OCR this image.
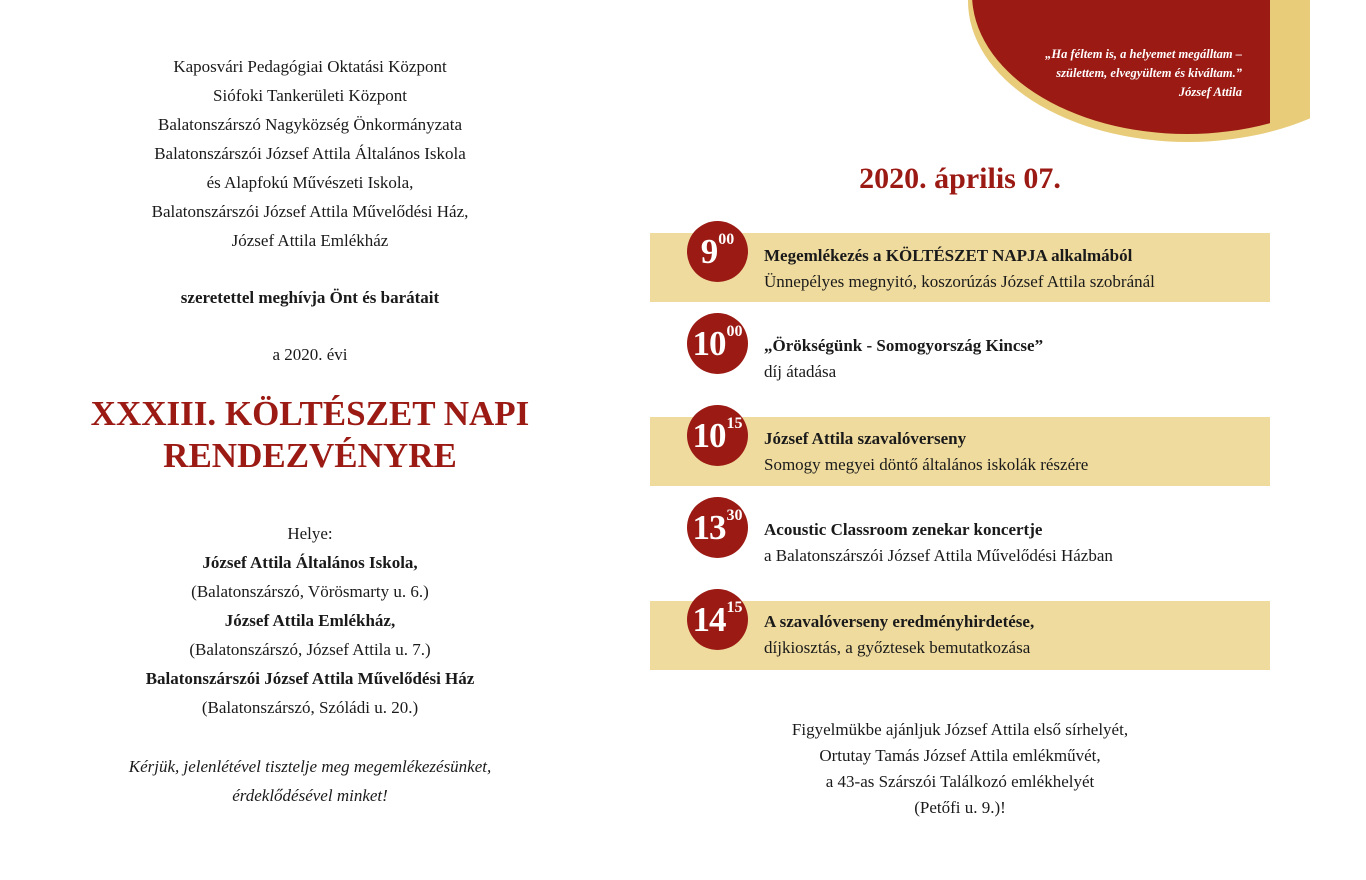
Kaposvári Pedagógiai Oktatási Központ
Siófoki Tankerületi Központ
Balatonszárszó Nagyközség Önkormányzata
Balatonszárszói József Attila Általános Iskola
és Alapfokú Művészeti Iskola,
Balatonszárszói József Attila Művelődési Ház,
József Attila Emlékház
szeretettel meghívja Önt és barátait
a 2020. évi
XXXIII. KÖLTÉSZET NAPI
RENDEZVÉNYRE
Helye:
József Attila Általános Iskola,
(Balatonszárszó, Vörösmarty u. 6.)
József Attila Emlékház,
(Balatonszárszó, József Attila u. 7.)
Balatonszárszói József Attila Művelődési Ház
(Balatonszárszó, Szóládi u. 20.)
Kérjük, jelenlétével tisztelje meg megemlékezésünket,
érdeklődésével minket!
„Ha féltem is, a helyemet megálltam –
születtem, elvegyültem és kiváltam.”
József Attila
2020. április 07.
9 00
Megemlékezés a KÖLTÉSZET NAPJA alkalmából
Ünnepélyes megnyitó, koszorúzás József Attila szobránál
10 00
„Örökségünk - Somogyország Kincse”
díj átadása
10 15
József Attila szavalóverseny
Somogy megyei döntő általános iskolák részére
13 30
Acoustic Classroom zenekar koncertje
a Balatonszárszói József Attila Művelődési Házban
14 15
A szavalóverseny eredményhirdetése,
díjkiosztás, a győztesek bemutatkozása
Figyelmükbe ajánljuk József Attila első sírhelyét,
Ortutay Tamás József Attila emlékművét,
a 43-as Szárszói Találkozó emlékhelyét
(Petőfi u. 9.)!
